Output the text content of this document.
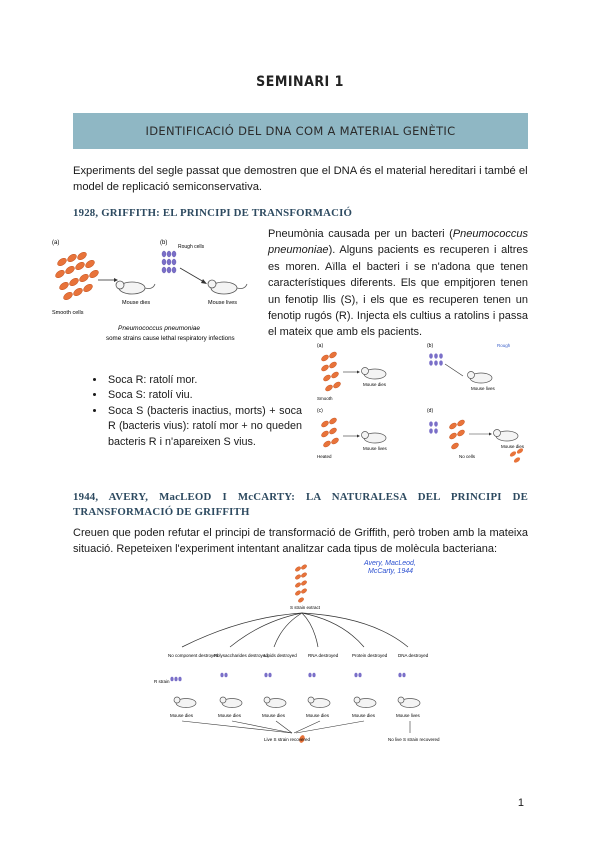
SEMINARI 1
IDENTIFICACIÓ DEL DNA COM A MATERIAL GENÈTIC
Experiments del segle passat que demostren que el DNA és el material hereditari i també el model de replicació semiconservativa.
1928, GRIFFITH: EL PRINCIPI DE TRANSFORMACIÓ
(a)	(b)
Smooth cells
Mouse dies
Rough cells
Mouse lives
Pneumococcus pneumoniae
some strains cause lethal respiratory infections
Pneumònia causada per un bacteri (Pneumococcus pneumoniae). Alguns pacients es recuperen i altres es moren. Aïlla el bacteri i se n'adona que tenen característiques diferents. Els que empitjoren tenen un fenotip llis (S), i els que es recuperen tenen un fenotip rugós (R). Injecta els cultius a ratolins i passa el mateix que amb els pacients.
• Soca R: ratolí mor.
• Soca S: ratolí viu.
• Soca S (bacteris inactius, morts) + soca R (bacteris vius): ratolí mor + no queden bacteris R i n'apareixen S vius.
(a)	(b)
(c)	(d)
Mouse dies
Smooth
Mouse lives
Rough
Mouse lives
Heated
Mouse dies
No cells
1944, AVERY, MacLEOD I McCARTY: LA NATURALESA DEL PRINCIPI DE
TRANSFORMACIÓ DE GRIFFITH
Creuen que poden refutar el principi de transformació de Griffith, però troben amb la mateixa situació. Repeteixen l'experiment intentant analitzar cada tipus de molècula bacteriana:
Avery, MacLeod,
McCarty, 1944
S strain extract
No component destroyed
Polysaccharides destroyed
Lipids destroyed RNA destroyed	Protein destroyed DNA destroyed
R strain
Mouse dies	Mouse dies	Mouse dies	Mouse dies	Mouse dies	Mouse lives
Live S strain recovered	No live S strain recovered
1
